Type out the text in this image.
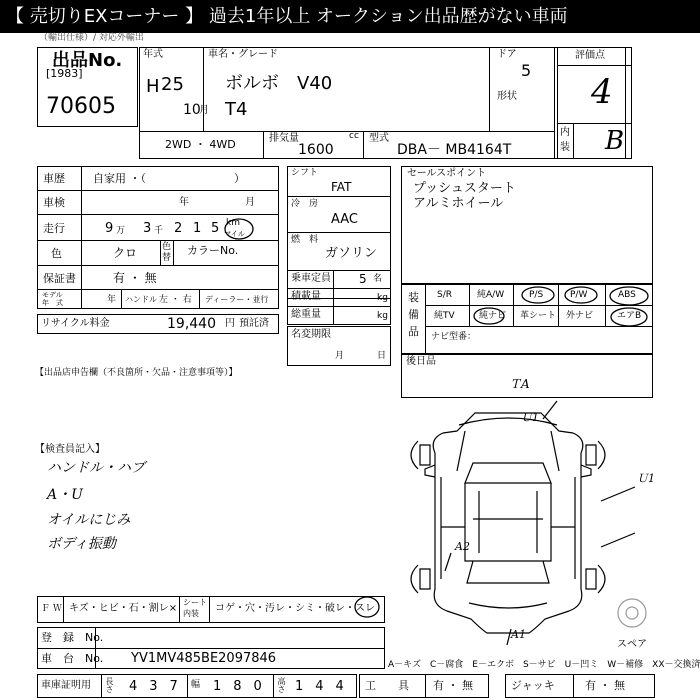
【 売切りEXコーナー 】 過去1年以上 オークション出品歴がない車両
（輸出仕様）/ 対応外輸出
出品No.
[1983]
70605
年式
H 25
10
月
車名・グレード
ボルボ　V40
T4
ドア
5
形状
2WD ・ 4WD	排気量	cc
1600
型式
DBA－ MB4164T
評価点
4
内
装 B
車歴	自家用 ・（　　　　　　　　）
車検	年	月
走行	9 万 3 千 2 1 5 km
マイル
色	クロ	色
替
カラーNo.
保証書	有 ・ 無
モデル
年　式	年 ハンドル 左 ・ 右 ディーラー・並行
リサイクル料金	19,440 円 預託済
シフト
FAT
冷　房
AAC
燃　料
ガソリン
乗車定員 5 名
積載量	kg
総重量	kg
名変期限
月	日
セールスポイント
プッシュスタート
アルミホイール
装
備
品
S/R	純A/W	P/S	P/W	ABS
純TV	純ナビ 革シート 外ナビ	エアB
ナビ型番：
後日品
【出品店申告欄（不良箇所・欠品・注意事項等）】
【検査員記入】
ハンドル・ハブ
A・U
オイルにじみ
ボディ振動
ＴA
Ｕ1
Ｕ1
A2
A1
スペア
Ｆ Ｗ キズ・ヒビ・石・割レ×
シート
内装 コゲ・穴・汚レ・シミ・破レ・スレ
登　録　No.
車　台　No. YV1MV485BE2097846	A－キズ　C－腐食　E－エクボ　S－サビ　U－凹ミ　W－補修　XX－交換済
車庫証明用 長さ 437 幅 180 高さ 144 工　　具 有 ・ 無	ジャッキ	有 ・ 無
